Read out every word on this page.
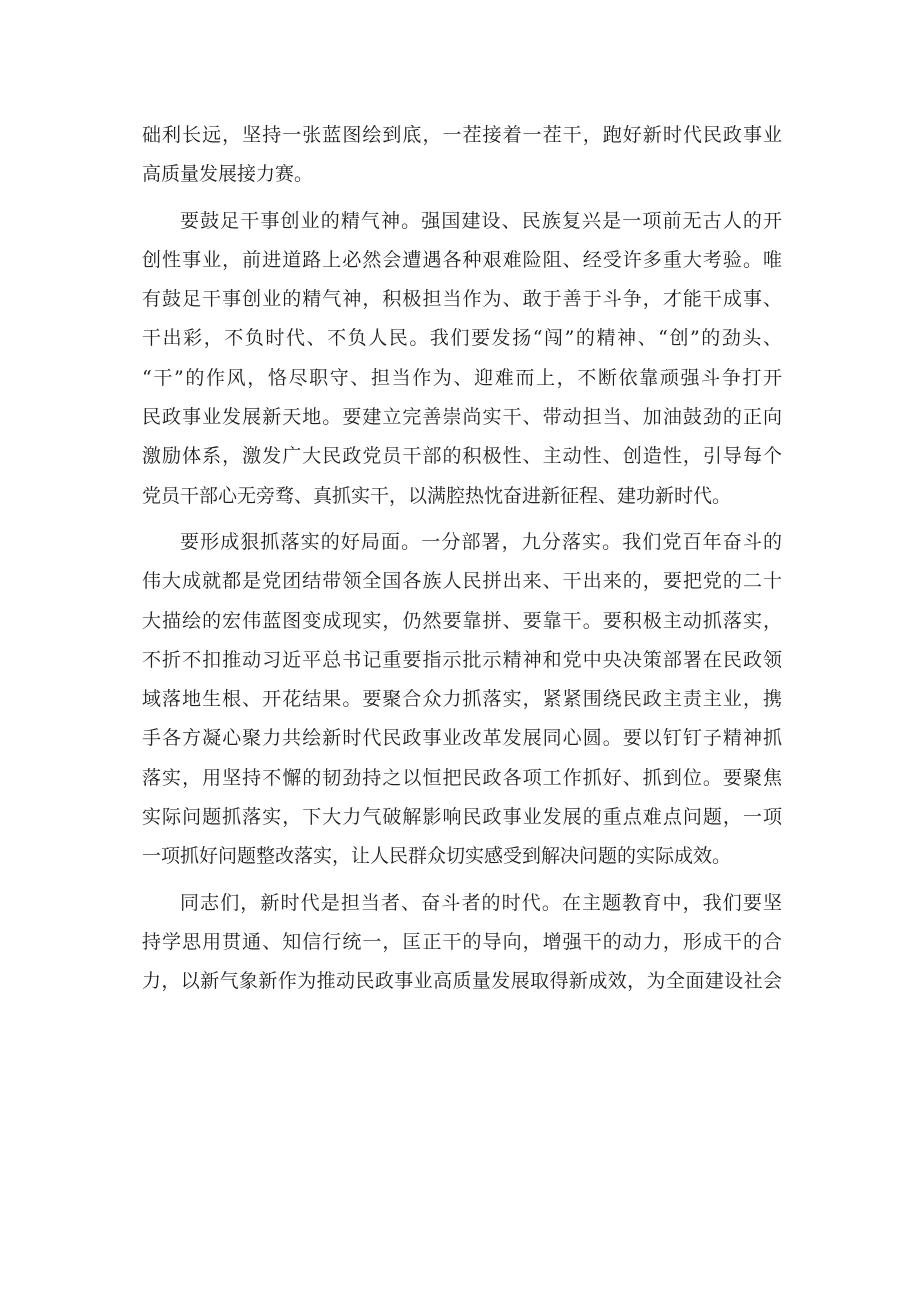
础利长远，坚持一张蓝图绘到底，一茬接着一茬干，跑好新时代民政事业
高质量发展接力赛。
要鼓足干事创业的精气神。强国建设、民族复兴是一项前无古人的开
创性事业，前进道路上必然会遭遇各种艰难险阻、经受许多重大考验。唯
有鼓足干事创业的精气神，积极担当作为、敢于善于斗争，才能干成事、
干出彩，不负时代、不负人民。我们要发扬“闯”的精神、“创”的劲头、
“干”的作风，恪尽职守、担当作为、迎难而上，不断依靠顽强斗争打开
民政事业发展新天地。要建立完善崇尚实干、带动担当、加油鼓劲的正向
激励体系，激发广大民政党员干部的积极性、主动性、创造性，引导每个
党员干部心无旁骛、真抓实干，以满腔热忱奋进新征程、建功新时代。
要形成狠抓落实的好局面。一分部署，九分落实。我们党百年奋斗的
伟大成就都是党团结带领全国各族人民拼出来、干出来的，要把党的二十
大描绘的宏伟蓝图变成现实，仍然要靠拼、要靠干。要积极主动抓落实，
不折不扣推动习近平总书记重要指示批示精神和党中央决策部署在民政领
域落地生根、开花结果。要聚合众力抓落实，紧紧围绕民政主责主业，携
手各方凝心聚力共绘新时代民政事业改革发展同心圆。要以钉钉子精神抓
落实，用坚持不懈的韧劲持之以恒把民政各项工作抓好、抓到位。要聚焦
实际问题抓落实，下大力气破解影响民政事业发展的重点难点问题，一项
一项抓好问题整改落实，让人民群众切实感受到解决问题的实际成效。
同志们，新时代是担当者、奋斗者的时代。在主题教育中，我们要坚
持学思用贯通、知信行统一，匡正干的导向，增强干的动力，形成干的合
力，以新气象新作为推动民政事业高质量发展取得新成效，为全面建设社会
